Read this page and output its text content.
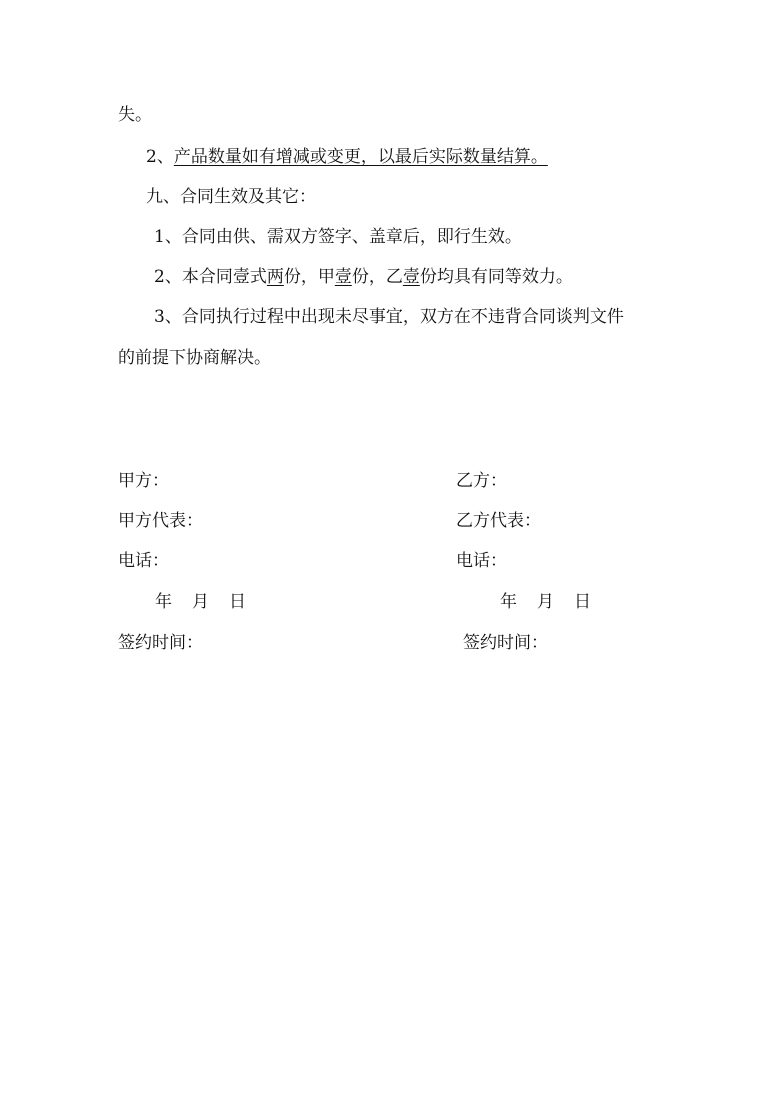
失。
2、产品数量如有增减或变更，以最后实际数量结算。
九、合同生效及其它：
1、合同由供、需双方签字、盖章后，即行生效。
2、本合同壹式两份，甲壹份，乙壹份均具有同等效力。
3、合同执行过程中出现未尽事宜，双方在不违背合同谈判文件
的前提下协商解决。
甲方：	乙方：
甲方代表：	乙方代表：
电话：	电话：
年 月 日	年 月 日
签约时间：	签约时间：
